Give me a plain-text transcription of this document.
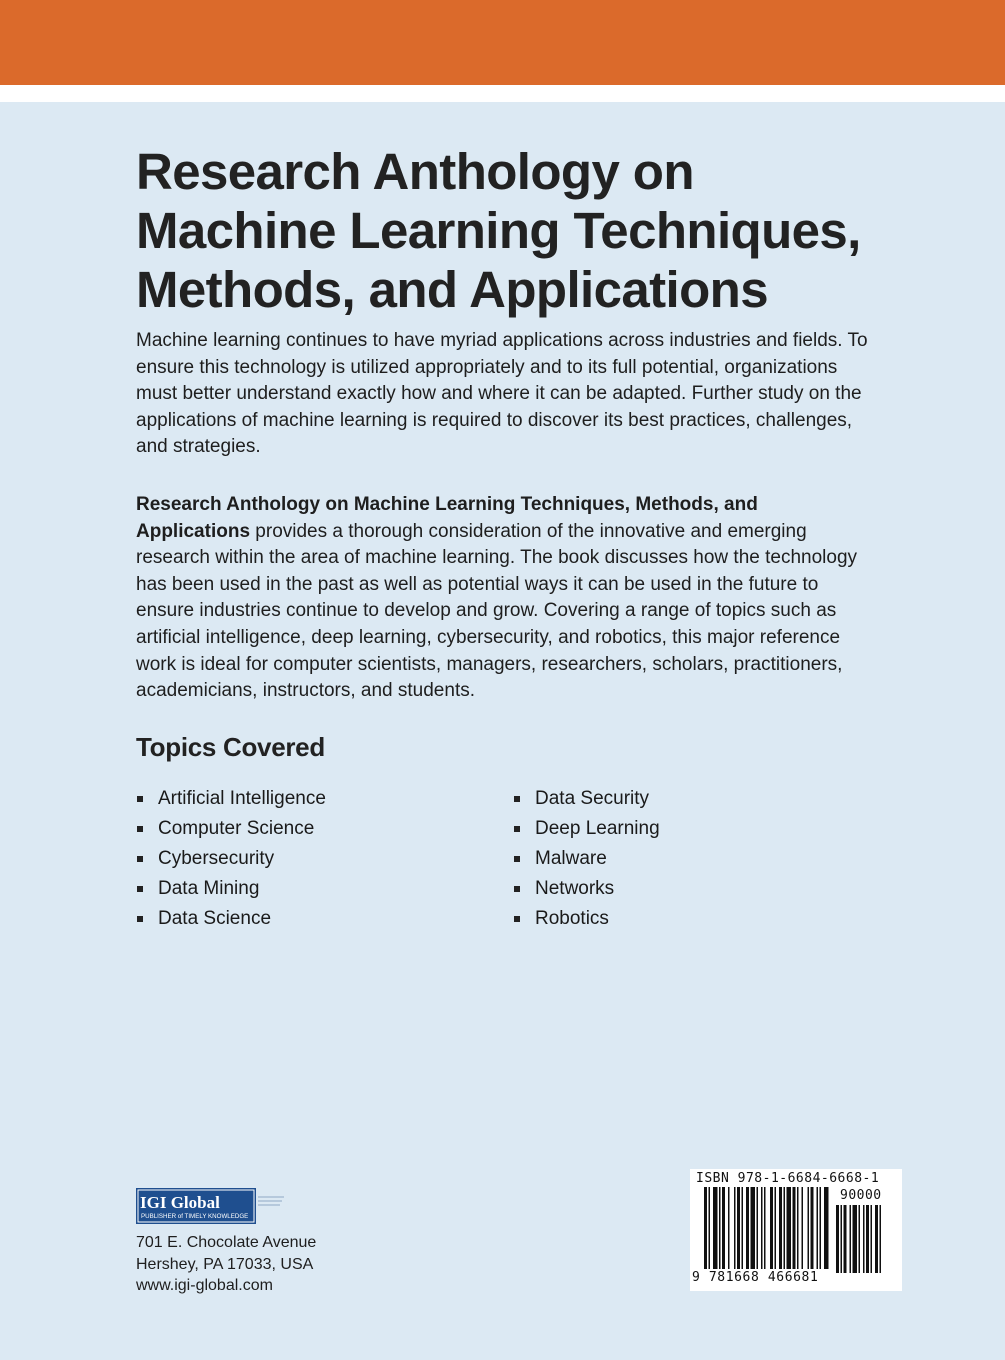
Research Anthology on Machine Learning Techniques, Methods, and Applications

Machine learning continues to have myriad applications across industries and fields. To ensure this technology is utilized appropriately and to its full potential, organizations must better understand exactly how and where it can be adapted. Further study on the applications of machine learning is required to discover its best practices, challenges, and strategies.

Research Anthology on Machine Learning Techniques, Methods, and Applications provides a thorough consideration of the innovative and emerging research within the area of machine learning. The book discusses how the technology has been used in the past as well as potential ways it can be used in the future to ensure industries continue to develop and grow. Covering a range of topics such as artificial intelligence, deep learning, cybersecurity, and robotics, this major reference work is ideal for computer scientists, managers, researchers, scholars, practitioners, academicians, instructors, and students.

Topics Covered
Artificial Intelligence
Computer Science
Cybersecurity
Data Mining
Data Science
Data Security
Deep Learning
Malware
Networks
Robotics
IGI Global
PUBLISHER of TIMELY KNOWLEDGE
701 E. Chocolate Avenue
Hershey, PA 17033, USA
www.igi-global.com

ISBN 978-1-6684-6668-1

90000

9 781668 466681
